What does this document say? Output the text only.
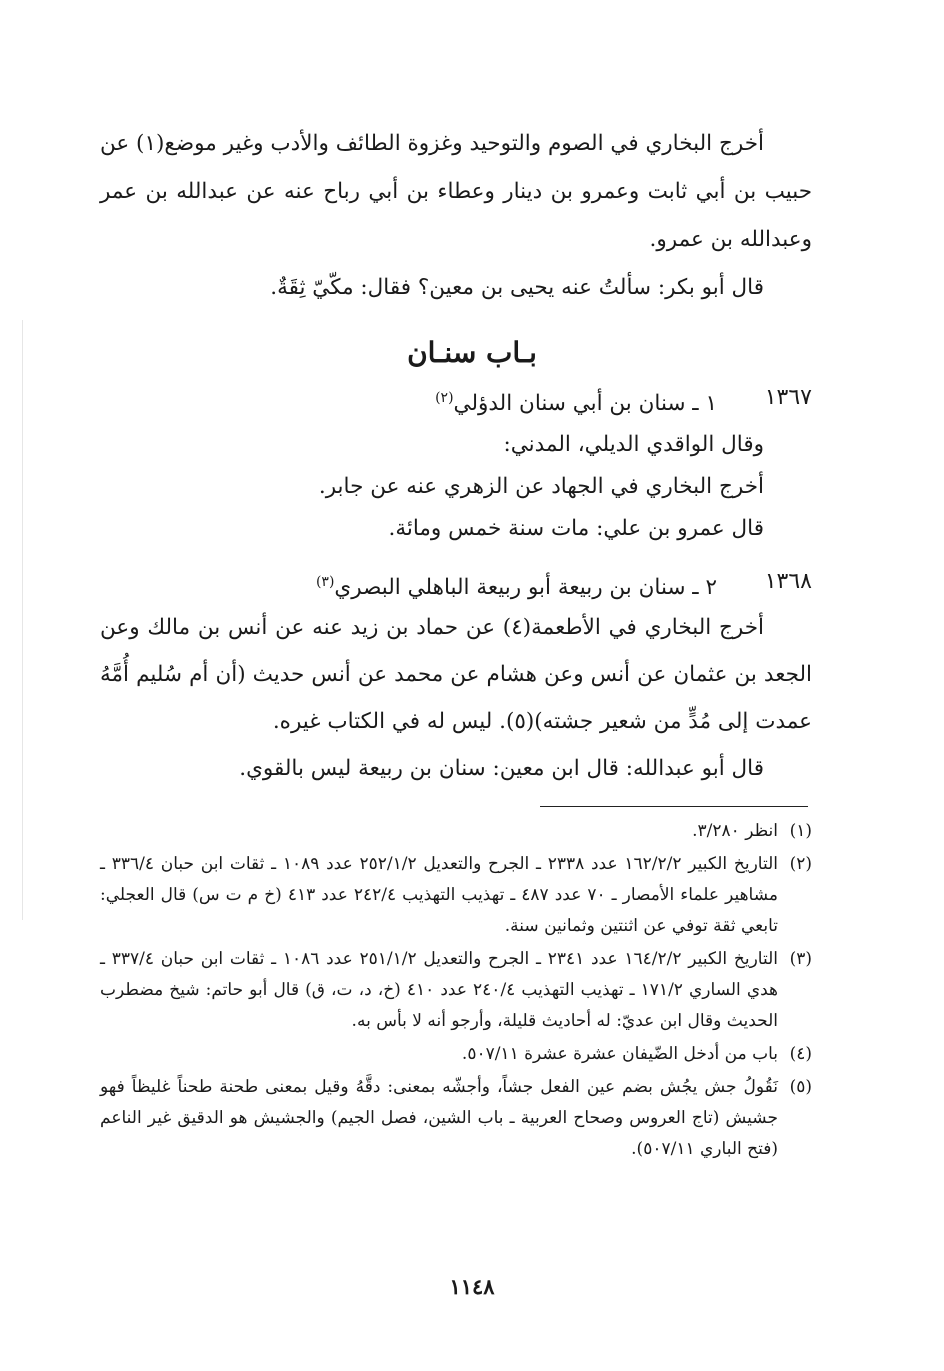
أخرج البخاري في الصوم والتوحيد وغزوة الطائف والأدب وغير موضع(١) عن حبيب بن أبي ثابت وعمرو بن دينار وعطاء بن أبي رباح عنه عن عبدالله بن عمر وعبدالله بن عمرو.

قال أبو بكر: سألتُ عنه يحيى بن معين؟ فقال: مكّيّ ثِقَةٌ.

بـاب سنـان
١٣٦٧
١ ـ سنان بن أبي سنان الدؤلي$^{(٢)}$
وقال الواقدي الديلي، المدني:
أخرج البخاري في الجهاد عن الزهري عنه عن جابر.
قال عمرو بن علي: مات سنة خمس ومائة.
١٣٦٨
٢ ـ سنان بن ربيعة أبو ربيعة الباهلي البصري$^{(٣)}$

أخرج البخاري في الأطعمة(٤) عن حماد بن زيد عنه عن أنس بن مالك وعن الجعد بن عثمان عن أنس وعن هشام عن محمد عن أنس حديث (أن أم سُليم أُمَّهُ عمدت إلى مُدٍّ من شعير جشته)(٥). ليس له في الكتاب غيره.

قال أبو عبدالله: قال ابن معين: سنان بن ربيعة ليس بالقوي.

(١)
انظر ٣/٢٨٠.
(٢)
التاريخ الكبير ١٦٢/٢/٢ عدد ٢٣٣٨ ـ الجرح والتعديل ٢٥٢/١/٢ عدد ١٠٨٩ ـ ثقات ابن حبان ٣٣٦/٤ ـ مشاهير علماء الأمصار ـ ٧٠ عدد ٤٨٧ ـ تهذيب التهذيب ٢٤٢/٤ عدد ٤١٣ (خ م ت س) قال العجلي: تابعي ثقة توفي عن اثنتين وثمانين سنة.
(٣)
التاريخ الكبير ١٦٤/٢/٢ عدد ٢٣٤١ ـ الجرح والتعديل ٢٥١/١/٢ عدد ١٠٨٦ ـ ثقات ابن حبان ٣٣٧/٤ ـ هدي الساري ١٧١/٢ ـ تهذيب التهذيب ٢٤٠/٤ عدد ٤١٠ (خ، د، ت، ق) قال أبو حاتم: شيخ مضطرب الحديث وقال ابن عديّ: له أحاديث قليلة، وأرجو أنه لا بأس به.
(٤)
باب من أدخل الضّيفان عشرة عشرة ٥٠٧/١١.
(٥)
نَقُولُ جش يجُش بضم عين الفعل جشاً، وأجشّه بمعنى: دقَّهُ وقيل بمعنى طحنة طحناً غليظاً فهو جشيش (تاج العروس وصحاح العربية ـ باب الشين، فصل الجيم) والجشيش هو الدقيق غير الناعم (فتح الباري ٥٠٧/١١).
١١٤٨
